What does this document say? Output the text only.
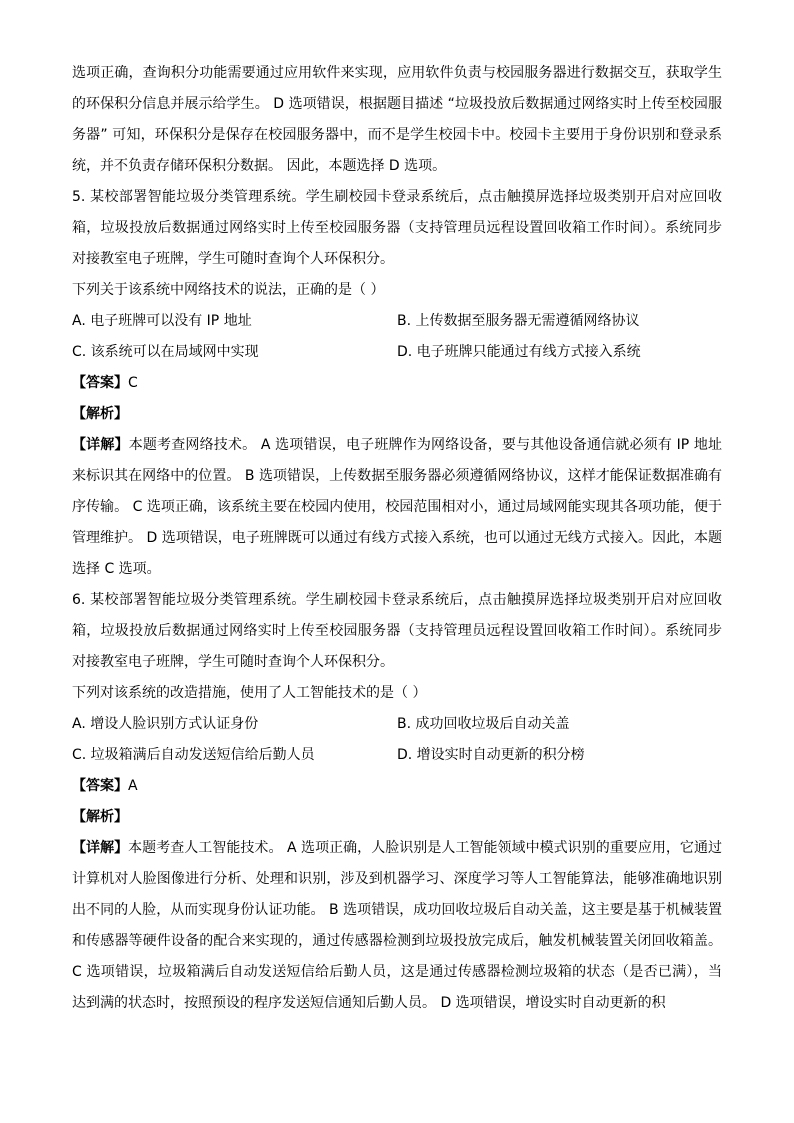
选项正确，查询积分功能需要通过应用软件来实现，应用软件负责与校园服务器进行数据交互，获取学生的环保积分信息并展示给学生。 D 选项错误，根据题目描述 “垃圾投放后数据通过网络实时上传至校园服务器” 可知，环保积分是保存在校园服务器中，而不是学生校园卡中。校园卡主要用于身份识别和登录系统，并不负责存储环保积分数据。 因此，本题选择 D 选项。

5. 某校部署智能垃圾分类管理系统。学生刷校园卡登录系统后，点击触摸屏选择垃圾类别开启对应回收箱，垃圾投放后数据通过网络实时上传至校园服务器（支持管理员远程设置回收箱工作时间）。系统同步对接教室电子班牌，学生可随时查询个人环保积分。

下列关于该系统中网络技术的说法，正确的是（ ）

A. 电子班牌可以没有 IP 地址	B. 上传数据至服务器无需遵循网络协议
C. 该系统可以在局域网中实现	D. 电子班牌只能通过有线方式接入系统

【答案】C

【解析】

【详解】本题考查网络技术。 A 选项错误，电子班牌作为网络设备，要与其他设备通信就必须有 IP 地址来标识其在网络中的位置。 B 选项错误，上传数据至服务器必须遵循网络协议，这样才能保证数据准确有序传输。 C 选项正确，该系统主要在校园内使用，校园范围相对小，通过局域网能实现其各项功能，便于管理维护。 D 选项错误，电子班牌既可以通过有线方式接入系统，也可以通过无线方式接入。因此，本题选择 C 选项。

6. 某校部署智能垃圾分类管理系统。学生刷校园卡登录系统后，点击触摸屏选择垃圾类别开启对应回收箱，垃圾投放后数据通过网络实时上传至校园服务器（支持管理员远程设置回收箱工作时间）。系统同步对接教室电子班牌，学生可随时查询个人环保积分。

下列对该系统的改造措施，使用了人工智能技术的是（ ）

A. 增设人脸识别方式认证身份	B. 成功回收垃圾后自动关盖
C. 垃圾箱满后自动发送短信给后勤人员	D. 增设实时自动更新的积分榜

【答案】A

【解析】

【详解】本题考查人工智能技术。 A 选项正确，人脸识别是人工智能领域中模式识别的重要应用，它通过计算机对人脸图像进行分析、处理和识别，涉及到机器学习、深度学习等人工智能算法，能够准确地识别出不同的人脸，从而实现身份认证功能。 B 选项错误，成功回收垃圾后自动关盖，这主要是基于机械装置和传感器等硬件设备的配合来实现的，通过传感器检测到垃圾投放完成后，触发机械装置关闭回收箱盖。 C 选项错误，垃圾箱满后自动发送短信给后勤人员，这是通过传感器检测垃圾箱的状态（是否已满），当达到满的状态时，按照预设的程序发送短信通知后勤人员。 D 选项错误，增设实时自动更新的积
